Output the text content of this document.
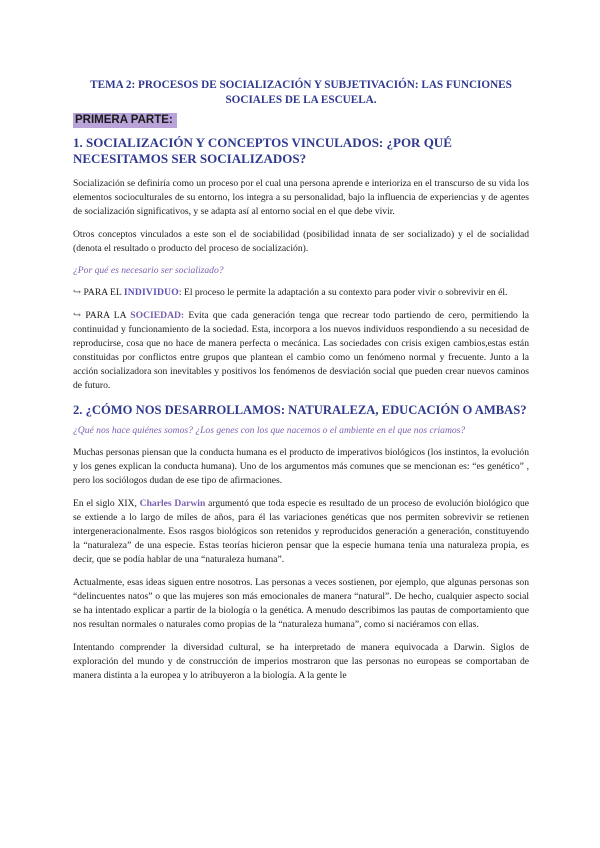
TEMA 2: PROCESOS DE SOCIALIZACIÓN Y SUBJETIVACIÓN: LAS FUNCIONES SOCIALES DE LA ESCUELA.
PRIMERA PARTE:
1. SOCIALIZACIÓN Y CONCEPTOS VINCULADOS: ¿POR QUÉ NECESITAMOS SER SOCIALIZADOS?
Socialización se definiría como un proceso por el cual una persona aprende e interioriza en el transcurso de su vida los elementos socioculturales de su entorno, los integra a su personalidad, bajo la influencia de experiencias y de agentes de socialización significativos, y se adapta así al entorno social en el que debe vivir.
Otros conceptos vinculados a este son el de sociabilidad (posibilidad innata de ser socializado) y el de socialidad (denota el resultado o producto del proceso de socialización).
¿Por qué es necesario ser socializado?
↪ PARA EL INDIVIDUO: El proceso le permite la adaptación a su contexto para poder vivir o sobrevivir en él.
↪ PARA LA SOCIEDAD: Evita que cada generación tenga que recrear todo partiendo de cero, permitiendo la continuidad y funcionamiento de la sociedad. Esta, incorpora a los nuevos individuos respondiendo a su necesidad de reproducirse, cosa que no hace de manera perfecta o mecánica. Las sociedades con crisis exigen cambios,estas están constituidas por conflictos entre grupos que plantean el cambio como un fenómeno normal y frecuente. Junto a la acción socializadora son inevitables y positivos los fenómenos de desviación social que pueden crear nuevos caminos de futuro.
2. ¿CÓMO NOS DESARROLLAMOS: NATURALEZA, EDUCACIÓN O AMBAS?
¿Qué nos hace quiénes somos? ¿Los genes con los que nacemos o el ambiente en el que nos criamos?
Muchas personas piensan que la conducta humana es el producto de imperativos biológicos (los instintos, la evolución y los genes explican la conducta humana). Uno de los argumentos más comunes que se mencionan es: “es genético” , pero los sociólogos dudan de ese tipo de afirmaciones.
En el siglo XIX, Charles Darwin argumentó que toda especie es resultado de un proceso de evolución biológico que se extiende a lo largo de miles de años, para él las variaciones genéticas que nos permiten sobrevivir se retienen intergeneracionalmente. Esos rasgos biológicos son retenidos y reproducidos generación a generación, constituyendo la “naturaleza” de una especie. Estas teorías hicieron pensar que la especie humana tenía una naturaleza propia, es decir, que se podía hablar de una “naturaleza humana”.
Actualmente, esas ideas siguen entre nosotros. Las personas a veces sostienen, por ejemplo, que algunas personas son “delincuentes natos” o que las mujeres son más emocionales de manera “natural”. De hecho, cualquier aspecto social se ha intentado explicar a partir de la biología o la genética. A menudo describimos las pautas de comportamiento que nos resultan normales o naturales como propias de la “naturaleza humana”, como si naciéramos con ellas.
Intentando comprender la diversidad cultural, se ha interpretado de manera equivocada a Darwin. Siglos de exploración del mundo y de construcción de imperios mostraron que las personas no europeas se comportaban de manera distinta a la europea y lo atribuyeron a la biología. A la gente le
